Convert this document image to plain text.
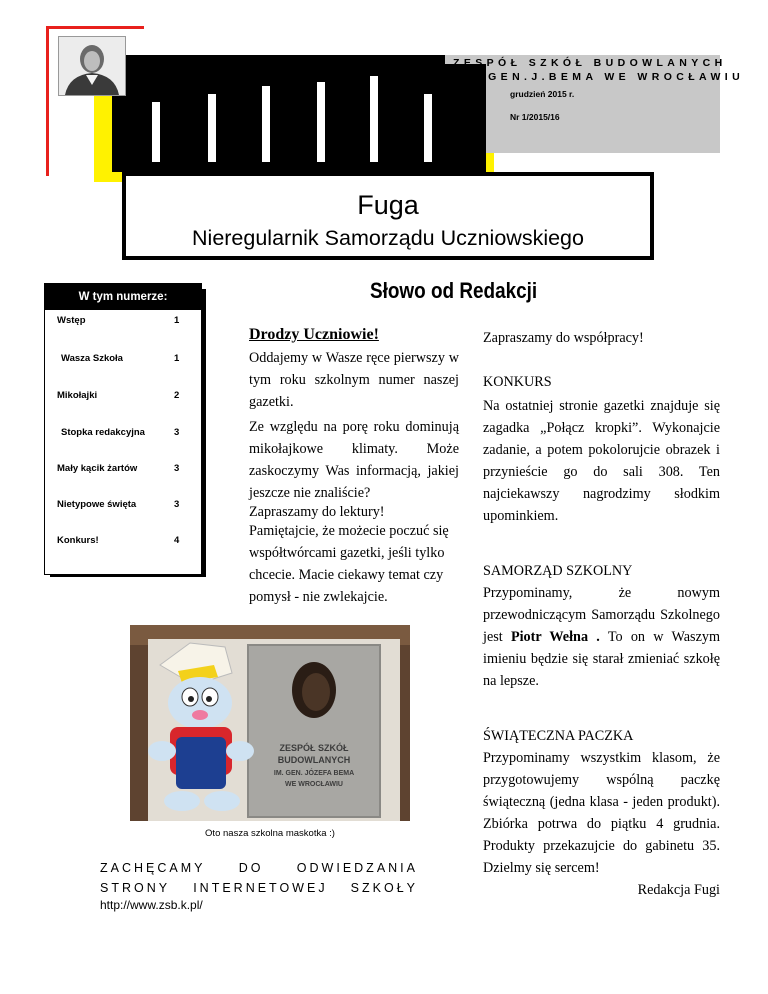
ZESPÓŁ SZKÓŁ BUDOWLANYCH
IM. GEN.J.BEMA WE WROCŁAWIU
grudzień 2015 r.
Nr 1/2015/16
Fuga
Nieregularnik Samorządu Uczniowskiego
W tym numerze:
Wstęp	1
Wasza Szkoła	1
Mikołajki	2
Stopka redakcyjna	3
Mały kącik żartów	3
Nietypowe święta	3
Konkurs!	4
Słowo od Redakcji
Drodzy Uczniowie!
Oddajemy w Wasze ręce pierwszy w tym roku szkolnym numer naszej gazetki.
Ze względu na porę roku dominują mikołajkowe klimaty. Może zaskoczymy Was informacją, jakiej jeszcze nie znaliście?
Zapraszamy do lektury!
Pamiętajcie, że możecie poczuć się współtwórcami gazetki, jeśli tylko chcecie. Macie ciekawy temat czy pomysł - nie zwlekajcie.
Zapraszamy do współpracy!
KONKURS
Na ostatniej stronie gazetki znajduje się zagadka „Połącz kropki”. Wykonajcie zadanie, a potem pokolorujcie obrazek i przynieście go do sali 308. Ten najciekawszy nagrodzimy słodkim upominkiem.
SAMORZĄD SZKOLNY
Przypominamy, że nowym przewodniczącym Samorządu Szkolnego jest Piotr Wełna . To on w Waszym imieniu będzie się starał zmieniać szkołę na lepsze.
ŚWIĄTECZNA PACZKA
Przypominamy wszystkim klasom, że przygotowujemy wspólną paczkę świąteczną (jedna klasa - jeden produkt). Zbiórka potrwa do piątku 4 grudnia. Produkty przekazujcie do gabinetu 35. Dzielmy się sercem!
Redakcja Fugi
ZESPÓŁ SZKÓŁ
BUDOWLANYCH
IM. GEN. JÓZEFA BEMA
WE WROCŁAWIU
Oto nasza szkolna maskotka :)
ZACHĘCAMY	DO	ODWIEDZANIA
STRONY INTERNETOWEJ SZKOŁY
http://www.zsb.k.pl/
